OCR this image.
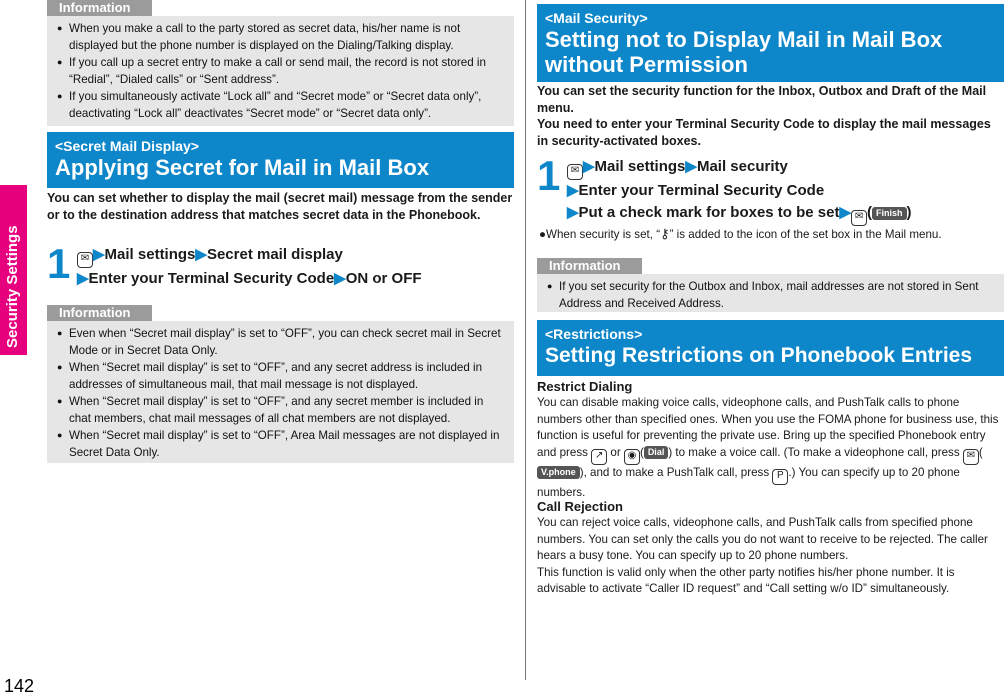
Security Settings
142
Information
● When you make a call to the party stored as secret data, his/her name is not displayed but the phone number is displayed on the Dialing/Talking display.
● If you call up a secret entry to make a call or send mail, the record is not stored in “Redial”, “Dialed calls” or “Sent address”.
● If you simultaneously activate “Lock all” and “Secret mode” or “Secret data only”, deactivating “Lock all” deactivates “Secret mode” or “Secret data only”.
<Secret Mail Display>
Applying Secret for Mail in Mail Box
You can set whether to display the mail (secret mail) message from the sender or to the destination address that matches secret data in the Phonebook.
1	✉ ▶Mail settings▶Secret mail display
▶Enter your Terminal Security Code▶ON or OFF
Information
● Even when “Secret mail display” is set to “OFF”, you can check secret mail in Secret Mode or in Secret Data Only.
● When “Secret mail display” is set to “OFF”, and any secret address is included in addresses of simultaneous mail, that mail message is not displayed.
● When “Secret mail display” is set to “OFF”, and any secret member is included in chat members, chat mail messages of all chat members are not displayed.
● When “Secret mail display” is set to “OFF”, Area Mail messages are not displayed in Secret Data Only.
<Mail Security>
Setting not to Display Mail in Mail Box without Permission
You can set the security function for the Inbox, Outbox and Draft of the Mail menu.
You need to enter your Terminal Security Code to display the mail messages in security-activated boxes.
1	✉ ▶Mail settings▶Mail security
▶Enter your Terminal Security Code
▶Put a check mark for boxes to be set▶ ✉ ( Finish )
●When security is set, “⚷” is added to the icon of the set box in the Mail menu.
Information
● If you set security for the Outbox and Inbox, mail addresses are not stored in Sent Address and Received Address.
<Restrictions>
Setting Restrictions on Phonebook Entries
Restrict Dialing
You can disable making voice calls, videophone calls, and PushTalk calls to phone numbers other than specified ones. When you use the FOMA phone for business use, this function is useful for preventing the private use. Bring up the specified Phonebook entry and press ↗ or ◉ ( Dial ) to make a voice call. (To make a videophone call, press ✉ (V.phone ), and to make a PushTalk call, press P .) You can specify up to 20 phone numbers.
Call Rejection
You can reject voice calls, videophone calls, and PushTalk calls from specified phone numbers. You can set only the calls you do not want to receive to be rejected. The caller hears a busy tone. You can specify up to 20 phone numbers.
This function is valid only when the other party notifies his/her phone number. It is advisable to activate “Caller ID request” and “Call setting w/o ID” simultaneously.
